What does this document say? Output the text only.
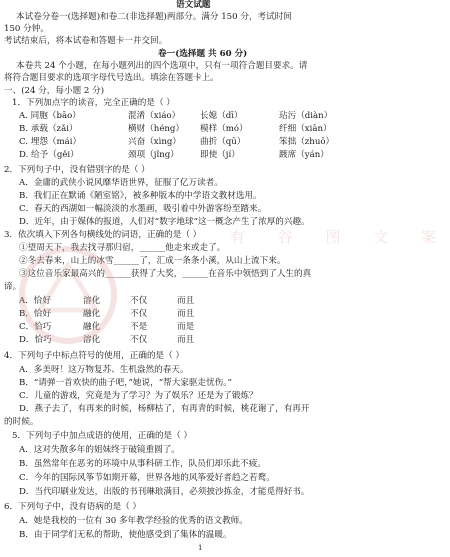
语文试题
本试卷分卷一(选择题)和卷二(非选择题)两部分。满分 150 分，考试时间
150 分钟。
考试结束后，将本试卷和答题卡一并交回。
卷一(选择题 共 60 分)
本卷共 24 个小题，在每小题列出的四个选项中，只有一项符合题目要求。请
将符合题目要求的选项字母代号选出。填涂在答题卡上。
一、(24 分，每小题 2 分)
1．下列加点字的读音，完全正确的是（ ）
A. 同胞（bāo）	混淆（xiáo） 长媳（dī）	玷污（diàn）
B. 承载（zǎi）	横财（héng） 模样（mó）	纤细（xiān）
C. 埋怨（mái）	兴奋（xìng） 曲折（qū）	笨拙（zhuō）
D. 给予（gěi）	颈项（jǐng） 即使（jí）	踱席（yán）
2．下列句子中，没有错别字的是（ ）
A．金庸的武侠小说风靡华语世界，征服了亿万读者。
B．我们正在默诵《陋室铭》，被多种版本的中学语文教材选用。
C．春天的西湖如一幅淡淡的水墨画，吸引着中外游客纷至踏来。
D．近年，由于媒体的报道，人们对“数字地球”这一概念产生了浓厚的兴趣。
3．依次填入下列各句横线处的词语，正确的是（ ）
①望周天下，我去找寻那归宿，______他走来或走了。
②冬去春来，山上的冰雪______了，汇成一条条小溪，从山上流下来。
③这位音乐家最高兴的______获得了大奖，______在音乐中领悟到了人生的真
谛。
A．恰好	溶化	不仅	而且
B．恰好	融化	不仅	而且
C．恰巧	融化	不是	而是
D．恰巧	溶化	不仅	而且
4．下列句子中标点符号的使用，正确的是（ ）
A．多美呀！这万物复苏、生机盎然的春天。
B．“请弹一首欢快的曲子吧，”她说，“帮大家驱走忧伤。”
C．儿童的游戏，究竟是为了学习？为了娱乐？还是为了锻炼？
D．燕子去了，有再来的时候，杨柳枯了，有再青的时候，桃花谢了，有再开
的时候。
5．下列句子中加点成语的使用，正确的是（ ）
A．这对失散多年的姐妹终于破镜重圆了。
B．虽然常年在恶劣的环境中从事科研工作，队员们却乐此不疲。
C．今年的国际风筝节如期开幕，世界各地的风筝爱好者趋之若鹜。
D．当代印刷业发达，出版的书刊琳琅满目，必须披沙拣金，才能觅得好书。
6．下列句子中，没有语病的是（ ）
A．她是我校的一位有 30 多年教学经验的优秀的语文教师。
B．由于同学们无私的帮助，使他感受到了集体的温暖。
有 谷 图 文 案
1
